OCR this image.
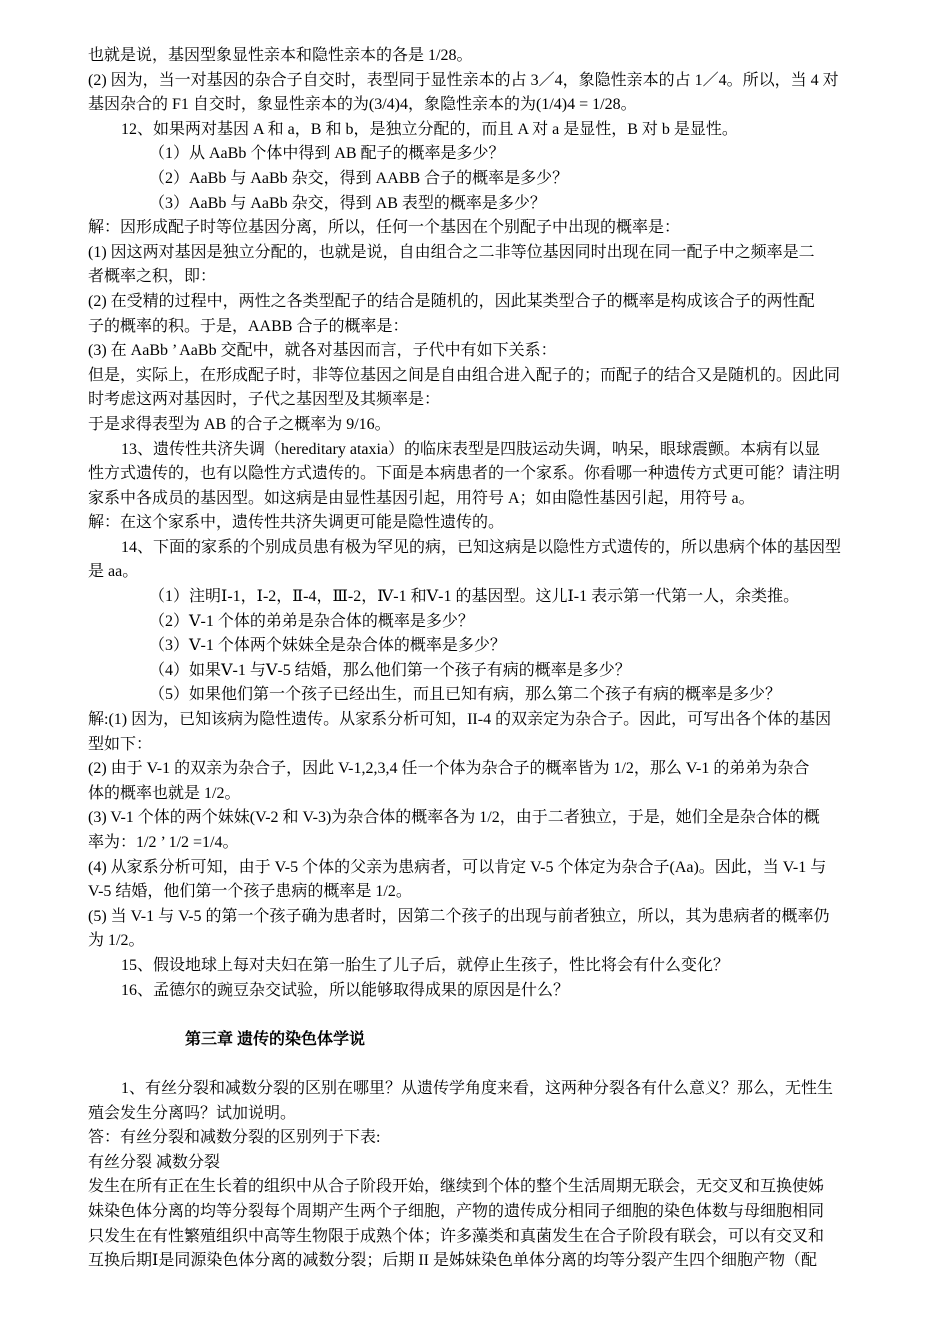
也就是说，基因型象显性亲本和隐性亲本的各是 1/28。
(2) 因为，当一对基因的杂合子自交时，表型同于显性亲本的占 3／4，象隐性亲本的占 1／4。所以，当 4 对
基因杂合的 F1 自交时，象显性亲本的为(3/4)4，象隐性亲本的为(1/4)4 = 1/28。
12、如果两对基因 A 和 a，B 和 b，是独立分配的，而且 A 对 a 是显性，B 对 b 是显性。
（1）从 AaBb 个体中得到 AB 配子的概率是多少？
（2）AaBb 与 AaBb 杂交，得到 AABB 合子的概率是多少？
（3）AaBb 与 AaBb 杂交，得到 AB 表型的概率是多少？
解：因形成配子时等位基因分离，所以，任何一个基因在个别配子中出现的概率是：
(1) 因这两对基因是独立分配的，也就是说，自由组合之二非等位基因同时出现在同一配子中之频率是二
者概率之积，即：
(2) 在受精的过程中，两性之各类型配子的结合是随机的，因此某类型合子的概率是构成该合子的两性配
子的概率的积。于是，AABB 合子的概率是：
(3) 在 AaBb ’ AaBb 交配中，就各对基因而言，子代中有如下关系：
但是，实际上，在形成配子时，非等位基因之间是自由组合进入配子的；而配子的结合又是随机的。因此同
时考虑这两对基因时，子代之基因型及其频率是：
于是求得表型为 AB 的合子之概率为 9/16。
13、遗传性共济失调（hereditary ataxia）的临床表型是四肢运动失调，呐呆，眼球震颤。本病有以显
性方式遗传的，也有以隐性方式遗传的。下面是本病患者的一个家系。你看哪一种遗传方式更可能？请注明
家系中各成员的基因型。如这病是由显性基因引起，用符号 A；如由隐性基因引起，用符号 a。
解：在这个家系中，遗传性共济失调更可能是隐性遗传的。
14、下面的家系的个别成员患有极为罕见的病，已知这病是以隐性方式遗传的，所以患病个体的基因型
是 aa。
（1）注明Ⅰ-1，Ⅰ-2，Ⅱ-4，Ⅲ-2，Ⅳ-1 和Ⅴ-1 的基因型。这儿Ⅰ-1 表示第一代第一人，余类推。
（2）Ⅴ-1 个体的弟弟是杂合体的概率是多少？
（3）Ⅴ-1 个体两个妹妹全是杂合体的概率是多少？
（4）如果Ⅴ-1 与Ⅴ-5 结婚，那么他们第一个孩子有病的概率是多少？
（5）如果他们第一个孩子已经出生，而且已知有病，那么第二个孩子有病的概率是多少？
解:(1) 因为，已知该病为隐性遗传。从家系分析可知，II-4 的双亲定为杂合子。因此，可写出各个体的基因
型如下：
(2) 由于 V-1 的双亲为杂合子，因此 V-1,2,3,4 任一个体为杂合子的概率皆为 1/2，那么 V-1 的弟弟为杂合
体的概率也就是 1/2。
(3) V-1 个体的两个妹妹(V-2 和 V-3)为杂合体的概率各为 1/2，由于二者独立，于是，她们全是杂合体的概
率为：1/2 ’ 1/2 =1/4。
(4) 从家系分析可知，由于 V-5 个体的父亲为患病者，可以肯定 V-5 个体定为杂合子(Aa)。因此，当 V-1 与
V-5 结婚，他们第一个孩子患病的概率是 1/2。
(5) 当 V-1 与 V-5 的第一个孩子确为患者时，因第二个孩子的出现与前者独立，所以，其为患病者的概率仍
为 1/2。
15、假设地球上每对夫妇在第一胎生了儿子后，就停止生孩子，性比将会有什么变化？
16、孟德尔的豌豆杂交试验，所以能够取得成果的原因是什么？
第三章 遗传的染色体学说
1、有丝分裂和减数分裂的区别在哪里？从遗传学角度来看，这两种分裂各有什么意义？那么，无性生
殖会发生分离吗？试加说明。
答：有丝分裂和减数分裂的区别列于下表:
有丝分裂 减数分裂
发生在所有正在生长着的组织中从合子阶段开始，继续到个体的整个生活周期无联会，无交叉和互换使姊
妹染色体分离的均等分裂每个周期产生两个子细胞，产物的遗传成分相同子细胞的染色体数与母细胞相同
只发生在有性繁殖组织中高等生物限于成熟个体；许多藻类和真菌发生在合子阶段有联会，可以有交叉和
互换后期Ⅰ是同源染色体分离的减数分裂；后期 II 是姊妹染色单体分离的均等分裂产生四个细胞产物（配
